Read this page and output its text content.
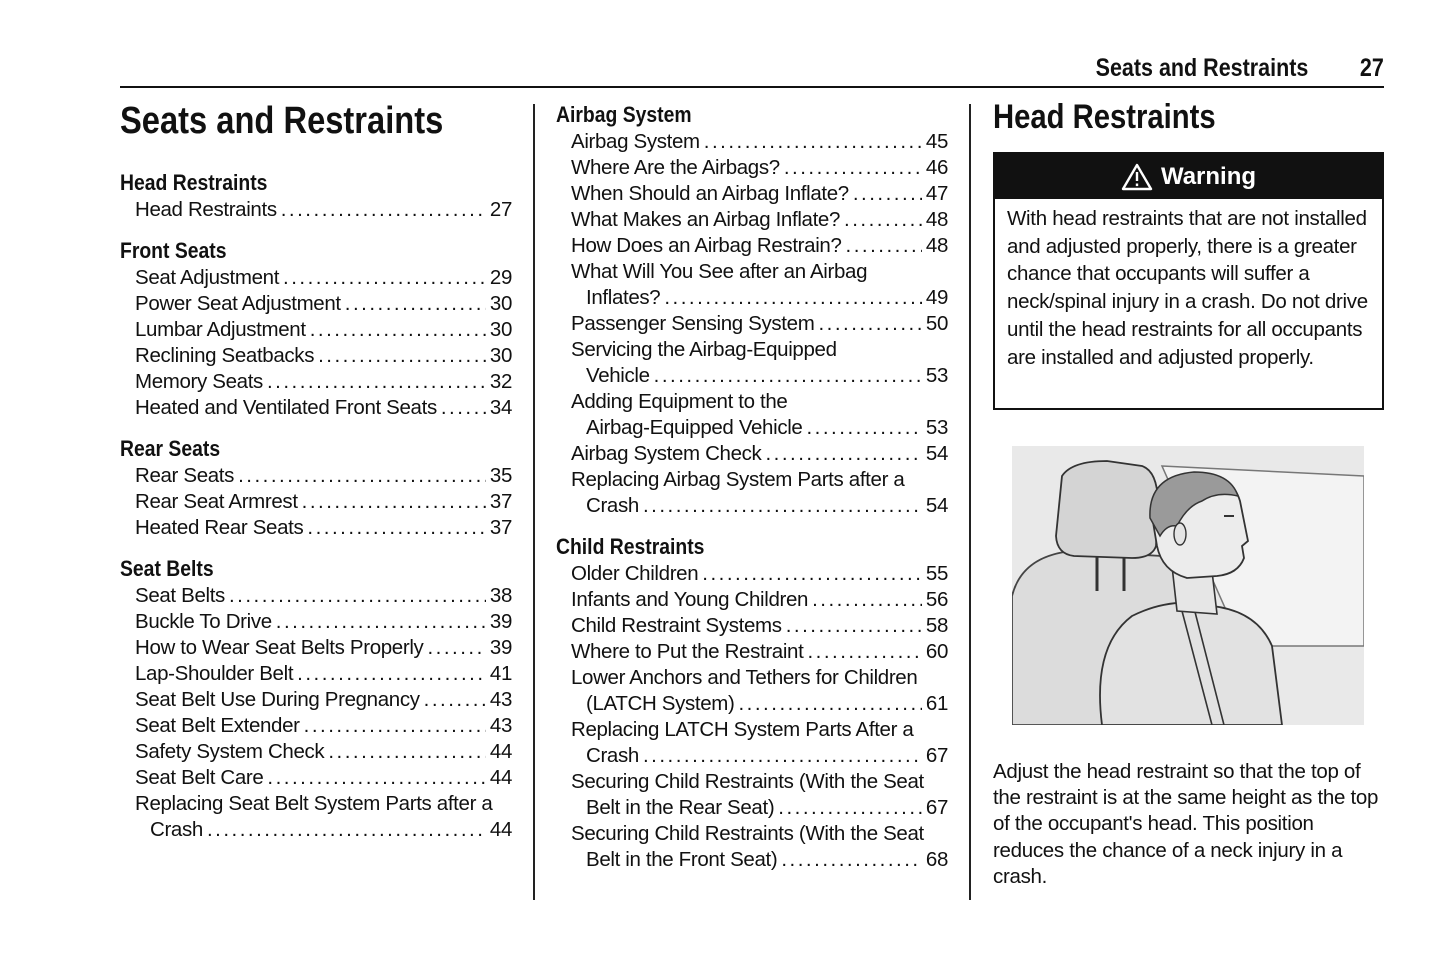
Seats and Restraints 27
Seats and Restraints
Head Restraints
Head Restraints . . .	27
Front Seats
Seat Adjustment . . .	29
Power Seat Adjustment . . .	30
Lumbar Adjustment . . .	30
Reclining Seatbacks . . .	30
Memory Seats . . .	32
Heated and Ventilated Front Seats . . .	34
Rear Seats
Rear Seats . . .	35
Rear Seat Armrest . . .	37
Heated Rear Seats . . .	37
Seat Belts
Seat Belts . . .	38
Buckle To Drive . . .	39
How to Wear Seat Belts Properly . . .	39
Lap-Shoulder Belt . . .	41
Seat Belt Use During Pregnancy . . .	43
Seat Belt Extender . . .	43
Safety System Check . . .	44
Seat Belt Care . . .	44
Replacing Seat Belt System Parts after a
Crash . . .	44
Airbag System
Airbag System . . .	45
Where Are the Airbags? . . .	46
When Should an Airbag Inflate? . . .	47
What Makes an Airbag Inflate? . . .	48
How Does an Airbag Restrain? . . .	48
What Will You See after an Airbag
Inflates? . . .	49
Passenger Sensing System . . .	50
Servicing the Airbag-Equipped
Vehicle . . .	53
Adding Equipment to the
Airbag-Equipped Vehicle . . .	53
Airbag System Check . . .	54
Replacing Airbag System Parts after a
Crash . . .	54
Child Restraints
Older Children . . .	55
Infants and Young Children . . .	56
Child Restraint Systems . . .	58
Where to Put the Restraint . . .	60
Lower Anchors and Tethers for Children
(LATCH System) . . .	61
Replacing LATCH System Parts After a
Crash . . .	67
Securing Child Restraints (With the Seat
Belt in the Rear Seat) . . .	67
Securing Child Restraints (With the Seat
Belt in the Front Seat) . . .	68
Head Restraints
Warning
With head restraints that are not installed and adjusted properly, there is a greater chance that occupants will suffer a neck/spinal injury in a crash. Do not drive until the head restraints for all occupants are installed and adjusted properly.
Adjust the head restraint so that the top of the restraint is at the same height as the top of the occupant's head. This position reduces the chance of a neck injury in a crash.
